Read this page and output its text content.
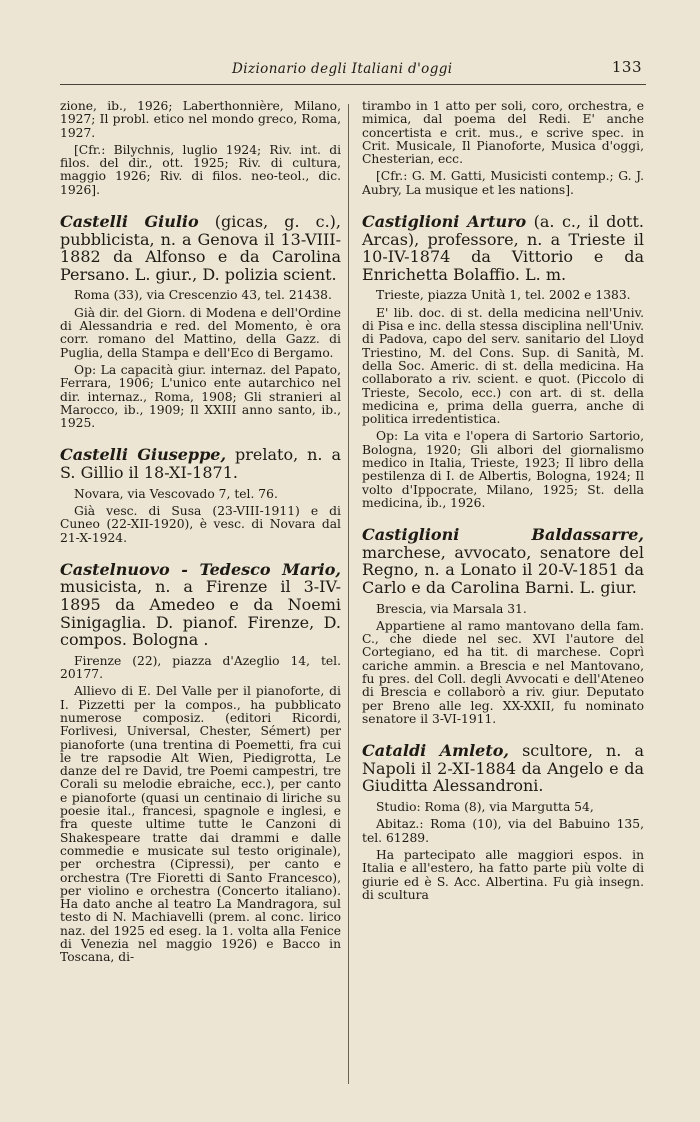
Dizionario degli Italiani d'oggi	133

zione, ib., 1926; Laberthonnière, Milano, 1927; Il probl. etico nel mondo greco, Roma, 1927.

[Cfr.: Bilychnis, luglio 1924; Riv. int. di filos. del dir., ott. 1925; Riv. di cultura, maggio 1926; Riv. di filos. neo-teol., dic. 1926].

Castelli Giulio (gicas, g. c.), pubblicista, n. a Genova il 13-VIII-1882 da Alfonso e da Carolina Persano. L. giur., D. polizia scient.

Roma (33), via Crescenzio 43, tel. 21438.

Già dir. del Giorn. di Modena e dell'Ordine di Alessandria e red. del Momento, è ora corr. romano del Mattino, della Gazz. di Puglia, della Stampa e dell'Eco di Bergamo.

Op: La capacità giur. internaz. del Papato, Ferrara, 1906; L'unico ente autarchico nel dir. internaz., Roma, 1908; Gli stranieri al Marocco, ib., 1909; Il XXIII anno santo, ib., 1925.

Castelli Giuseppe, prelato, n. a S. Gillio il 18-XI-1871.

Novara, via Vescovado 7, tel. 76.

Già vesc. di Susa (23-VIII-1911) e di Cuneo (22-XII-1920), è vesc. di Novara dal 21-X-1924.

Castelnuovo - Tedesco Mario, musicista, n. a Firenze il 3-IV-1895 da Amedeo e da Noemi Sinigaglia. D. pianof. Firenze, D. compos. Bologna .

Firenze (22), piazza d'Azeglio 14, tel. 20177.

Allievo di E. Del Valle per il pianoforte, di I. Pizzetti per la compos., ha pubblicato numerose composiz. (editori Ricordi, Forlivesi, Universal, Chester, Sémert) per pianoforte (una trentina di Poemetti, fra cui le tre rapsodie Alt Wien, Piedigrotta, Le danze del re David, tre Poemi campestri, tre Corali su melodie ebraiche, ecc.), per canto e pianoforte (quasi un centinaio di liriche su poesie ital., francesi, spagnole e inglesi, e fra queste ultime tutte le Canzoni di Shakespeare tratte dai drammi e dalle commedie e musicate sul testo originale), per orchestra (Cipressi), per canto e orchestra (Tre Fioretti di Santo Francesco), per violino e orchestra (Concerto italiano). Ha dato anche al teatro La Mandragora, sul testo di N. Machiavelli (prem. al conc. lirico naz. del 1925 ed eseg. la 1. volta alla Fenice di Venezia nel maggio 1926) e Bacco in Toscana, di-

tirambo in 1 atto per soli, coro, orchestra, e mimica, dal poema del Redi. E' anche concertista e crit. mus., e scrive spec. in Crit. Musicale, Il Pianoforte, Musica d'oggi, Chesterian, ecc.

[Cfr.: G. M. Gatti, Musicisti contemp.; G. J. Aubry, La musique et les nations].

Castiglioni Arturo (a. c., il dott. Arcas), professore, n. a Trieste il 10-IV-1874 da Vittorio e da Enrichetta Bolaffio. L. m.

Trieste, piazza Unità 1, tel. 2002 e 1383.

E' lib. doc. di st. della medicina nell'Univ. di Pisa e inc. della stessa disciplina nell'Univ. di Padova, capo del serv. sanitario del Lloyd Triestino, M. del Cons. Sup. di Sanità, M. della Soc. Americ. di st. della medicina. Ha collaborato a riv. scient. e quot. (Piccolo di Trieste, Secolo, ecc.) con art. di st. della medicina e, prima della guerra, anche di politica irredentistica.

Op: La vita e l'opera di Sartorio Sartorio, Bologna, 1920; Gli albori del giornalismo medico in Italia, Trieste, 1923; Il libro della pestilenza di I. de Albertis, Bologna, 1924; Il volto d'Ippocrate, Milano, 1925; St. della medicina, ib., 1926.

Castiglioni Baldassarre, marchese, avvocato, senatore del Regno, n. a Lonato il 20-V-1851 da Carlo e da Carolina Barni. L. giur.

Brescia, via Marsala 31.

Appartiene al ramo mantovano della fam. C., che diede nel sec. XVI l'autore del Cortegiano, ed ha tit. di marchese. Coprì cariche ammin. a Brescia e nel Mantovano, fu pres. del Coll. degli Avvocati e dell'Ateneo di Brescia e collaborò a riv. giur. Deputato per Breno alle leg. XX-XXII, fu nominato senatore il 3-VI-1911.

Cataldi Amleto, scultore, n. a Napoli il 2-XI-1884 da Angelo e da Giuditta Alessandroni.

Studio: Roma (8), via Margutta 54,

Abitaz.: Roma (10), via del Babuino 135, tel. 61289.

Ha partecipato alle maggiori espos. in Italia e all'estero, ha fatto parte più volte di giurie ed è S. Acc. Albertina. Fu già insegn. di scultura
